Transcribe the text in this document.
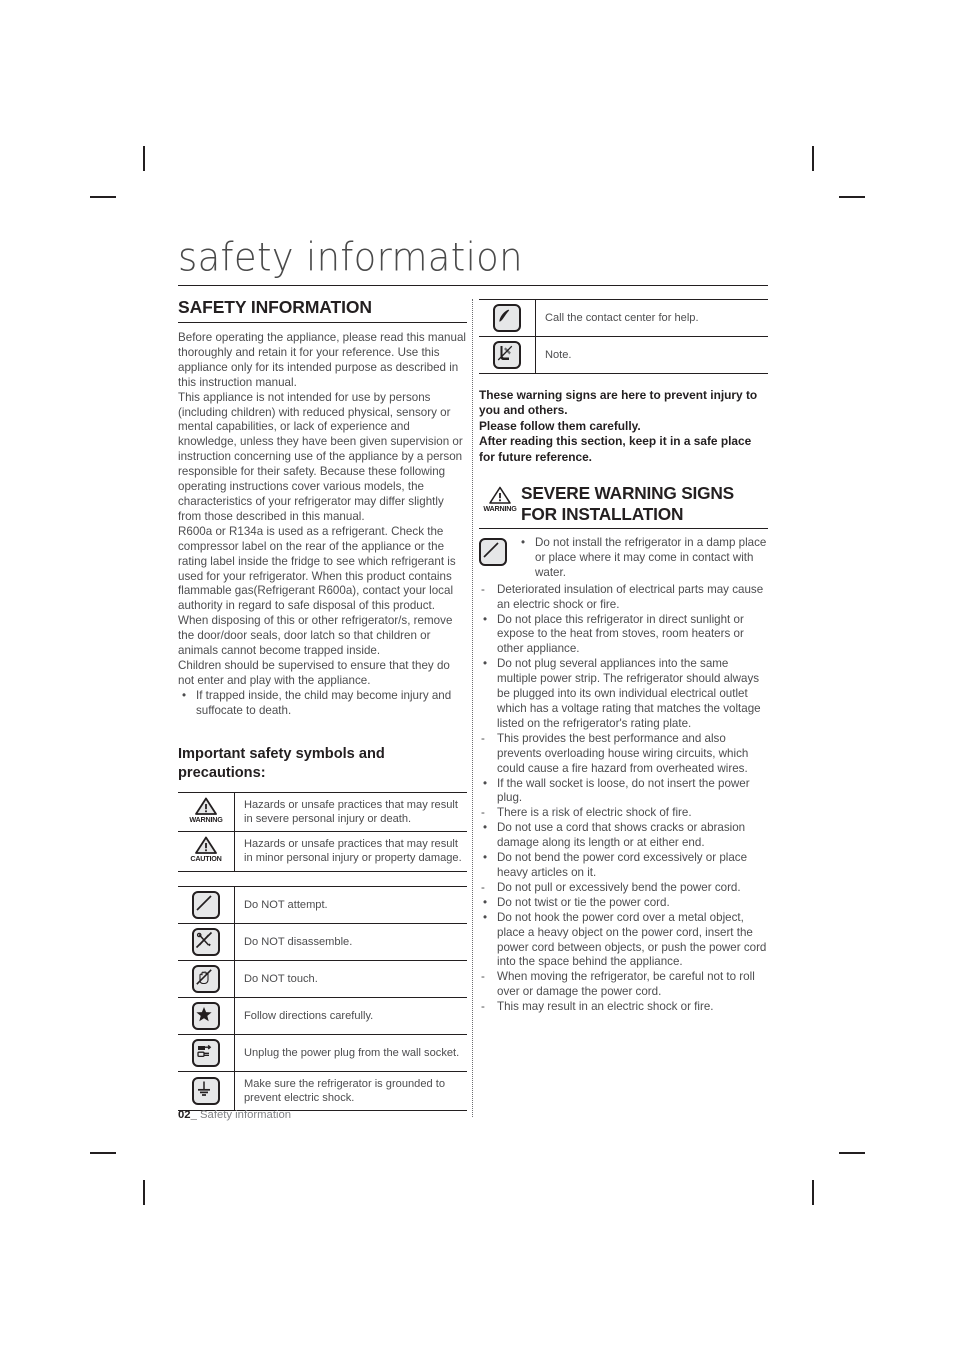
safety information
SAFETY INFORMATION

Before operating the appliance, please read this manual thoroughly and retain it for your reference. Use this appliance only for its intended purpose as described in this instruction manual.

This appliance is not intended for use by persons (including children) with reduced physical, sensory or mental capabilities, or lack of experience and knowledge, unless they have been given supervision or instruction concerning use of the appliance by a person responsible for their safety. Because these following operating instructions cover various models, the characteristics of your refrigerator may differ slightly from those described in this manual.

R600a or R134a is used as a refrigerant. Check the compressor label on the rear of the appliance or the rating label inside the fridge to see which refrigerant is used for your refrigerator. When this product contains flammable gas(Refrigerant R600a), contact your local authority in regard to safe disposal of this product.

When disposing of this or other refrigerator/s, remove the door/door seals, door latch so that children or animals cannot become trapped inside.

Children should be supervised to ensure that they do not enter and play with the appliance.

• If trapped inside, the child may become injury and suffocate to death.
Important safety symbols and precautions:
WARNING	Hazards or unsafe practices that may result in severe personal injury or death.

CAUTION	Hazards or unsafe practices that may result in minor personal injury or property damage.
	Do NOT attempt.

	Do NOT disassemble.

	Do NOT touch.

	Follow directions carefully.

	Unplug the power plug from the wall socket.

	Make sure the refrigerator is grounded to prevent electric shock.
	Call the contact center for help.

	Note.

These warning signs are here to prevent injury to you and others.

Please follow them carefully.

After reading this section, keep it in a safe place for future reference.

WARNING
SEVERE WARNING SIGNS
FOR INSTALLATION
• Do not install the refrigerator in a damp place or place where it may come in contact with water.
- Deteriorated insulation of electrical parts may cause an electric shock or fire.
• Do not place this refrigerator in direct sunlight or expose to the heat from stoves, room heaters or other appliance.
• Do not plug several appliances into the same multiple power strip. The refrigerator should always be plugged into its own individual electrical outlet which has a voltage rating that matches the voltage listed on the refrigerator's rating plate.
- This provides the best performance and also prevents overloading house wiring circuits, which could cause a fire hazard from overheated wires.
• If the wall socket is loose, do not insert the power plug.
- There is a risk of electric shock of fire.
• Do not use a cord that shows cracks or abrasion damage along its length or at either end.
• Do not bend the power cord excessively or place heavy articles on it.
- Do not pull or excessively bend the power cord.
• Do not twist or tie the power cord.
• Do not hook the power cord over a metal object, place a heavy object on the power cord, insert the power cord between objects, or push the power cord into the space behind the appliance.
- When moving the refrigerator, be careful not to roll over or damage the power cord.
- This may result in an electric shock or fire.
02_ Safety information
